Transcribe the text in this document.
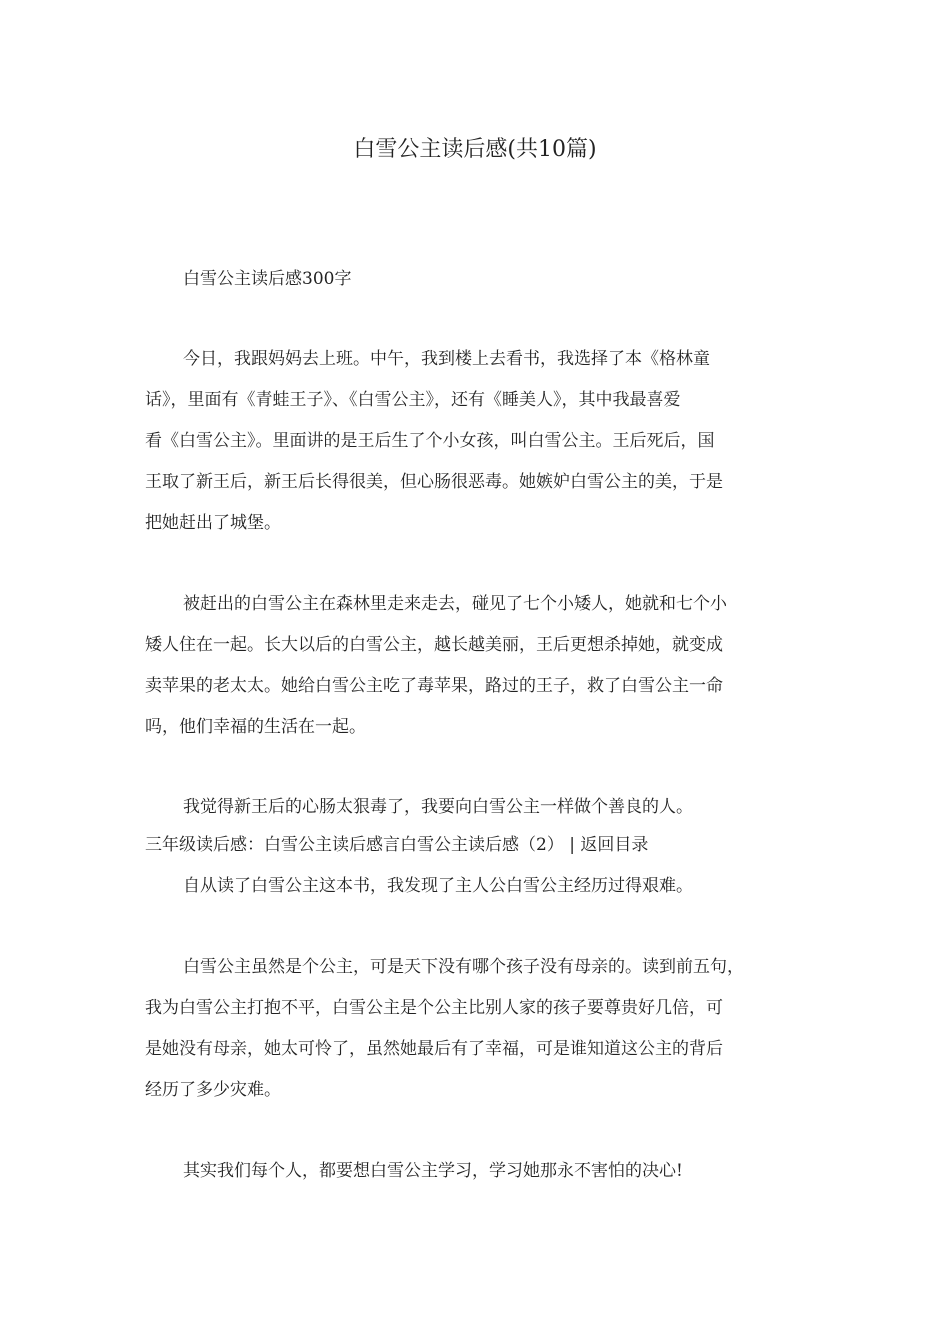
白雪公主读后感(共10篇)
白雪公主读后感300字
今日，我跟妈妈去上班。中午，我到楼上去看书，我选择了本《格林童
话》，里面有《青蛙王子》、《白雪公主》，还有《睡美人》，其中我最喜爱
看《白雪公主》。里面讲的是王后生了个小女孩，叫白雪公主。王后死后，国
王取了新王后，新王后长得很美，但心肠很恶毒。她嫉妒白雪公主的美，于是
把她赶出了城堡。
被赶出的白雪公主在森林里走来走去，碰见了七个小矮人，她就和七个小
矮人住在一起。长大以后的白雪公主，越长越美丽，王后更想杀掉她，就变成
卖苹果的老太太。她给白雪公主吃了毒苹果，路过的王子，救了白雪公主一命
吗，他们幸福的生活在一起。
我觉得新王后的心肠太狠毒了，我要向白雪公主一样做个善良的人。
三年级读后感：白雪公主读后感言白雪公主读后感（2） | 返回目录
自从读了白雪公主这本书，我发现了主人公白雪公主经历过得艰难。
白雪公主虽然是个公主，可是天下没有哪个孩子没有母亲的。读到前五句，
我为白雪公主打抱不平，白雪公主是个公主比别人家的孩子要尊贵好几倍，可
是她没有母亲，她太可怜了，虽然她最后有了幸福，可是谁知道这公主的背后
经历了多少灾难。
其实我们每个人，都要想白雪公主学习，学习她那永不害怕的决心!
